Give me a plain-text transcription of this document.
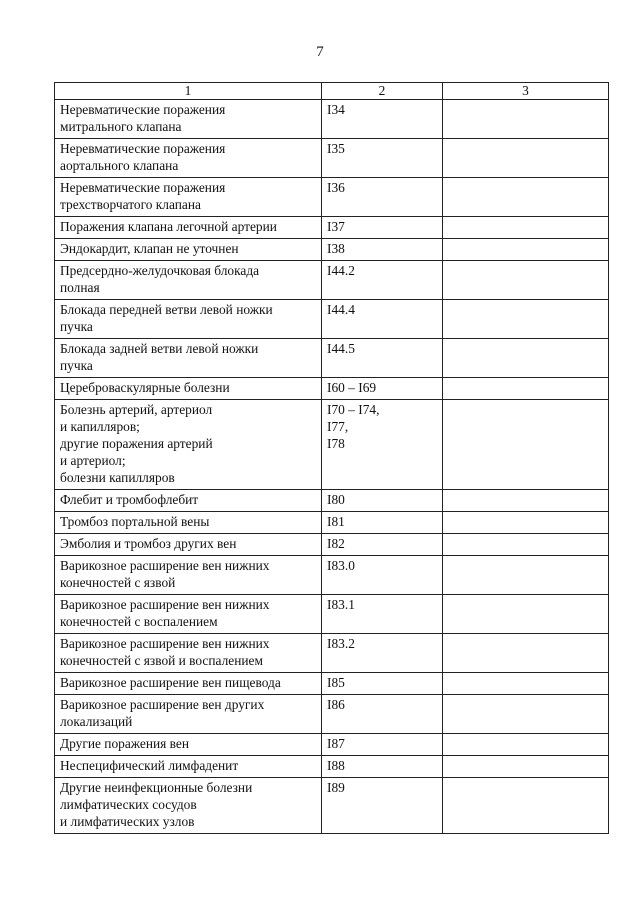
7
1	2	3
Неревматические поражения
митрального клапана	I34	
Неревматические поражения
аортального клапана	I35	
Неревматические поражения
трехстворчатого клапана	I36	
Поражения клапана легочной артерии	I37	
Эндокардит, клапан не уточнен	I38	
Предсердно-желудочковая блокада
полная	I44.2	
Блокада передней ветви левой ножки
пучка	I44.4	
Блокада задней ветви левой ножки
пучка	I44.5	
Цереброваскулярные болезни	I60 – I69	
Болезнь артерий, артериол
и капилляров;
другие поражения артерий
и артериол;
болезни капилляров	I70 – I74,
I77,
I78	
Флебит и тромбофлебит	I80	
Тромбоз портальной вены	I81	
Эмболия и тромбоз других вен	I82	
Варикозное расширение вен нижних
конечностей с язвой	I83.0	
Варикозное расширение вен нижних
конечностей с воспалением	I83.1	
Варикозное расширение вен нижних
конечностей с язвой и воспалением	I83.2	
Варикозное расширение вен пищевода	I85	
Варикозное расширение вен других
локализаций	I86	
Другие поражения вен	I87	
Неспецифический лимфаденит	I88	
Другие неинфекционные болезни
лимфатических сосудов
и лимфатических узлов	I89	
